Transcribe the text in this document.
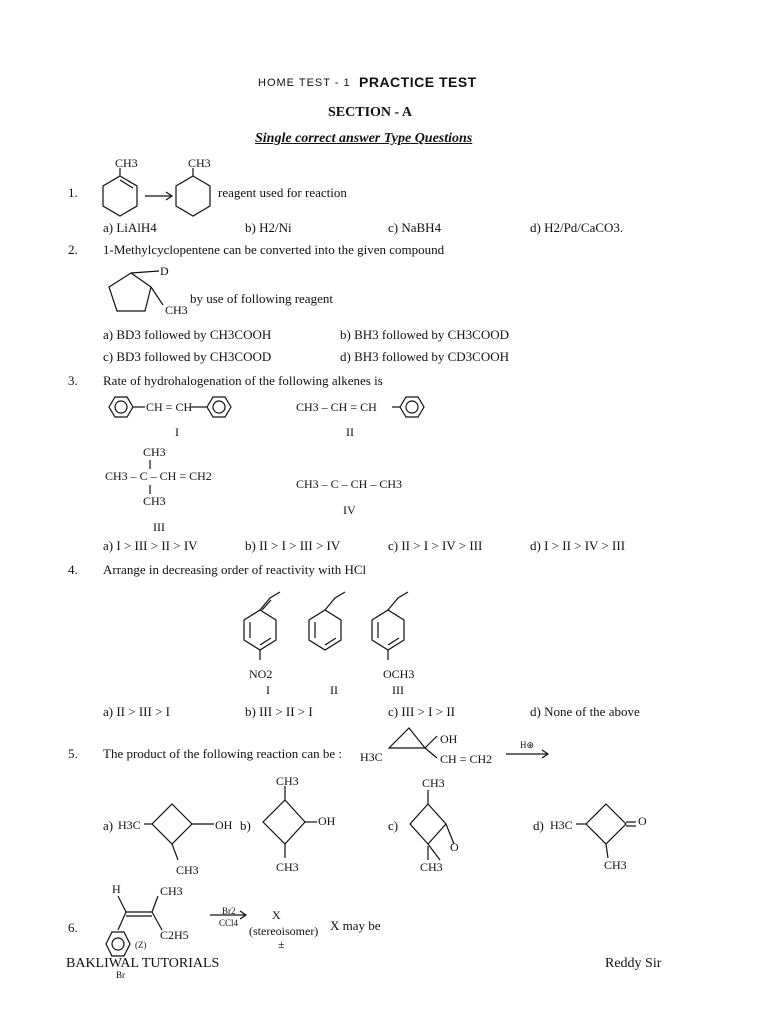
HOME TEST - 1 PRACTICE TEST
SECTION - A
Single correct answer Type Questions
1.
CH3	CH3
reagent used for reaction
a) LiAlH4	b) H2/Ni	c) NaBH4	d) H2/Pd/CaCO3.
2. 1-Methylcyclopentene can be converted into the given compound
D
CH3
by use of following reagent
a) BD3 followed by CH3COOH	b) BH3 followed by CH3COOD
c) BD3 followed by CH3COOD	d) BH3 followed by CD3COOH
3. Rate of hydrohalogenation of the following alkenes is
CH = CH
I
CH3 – CH = CH
II
CH3
CH3 – C – CH = CH2
CH3
III
CH3 – C – CH – CH3
IV
a) I > III > II > IV	b) II > I > III > IV	c) II > I > IV > III	d) I > II > IV > III
4. Arrange in decreasing order of reactivity with HCl
NO2	OCH3
I	II	III
a) II > III > I	b) III > II > I	c) III > I > II	d) None of the above
5. The product of the following reaction can be : H3C
OH
CH = CH2
H⊕
a) H3C	OH
CH3
b)
CH3
OH
CH3
c)
CH3
O
CH3
d) H3C	O
CH3
6.
H	CH3
C2H5
(Z)
Br
Br2
CCl4
X
(stereoisomer)
±
X may be
BAKLIWAL TUTORIALS	Reddy Sir
